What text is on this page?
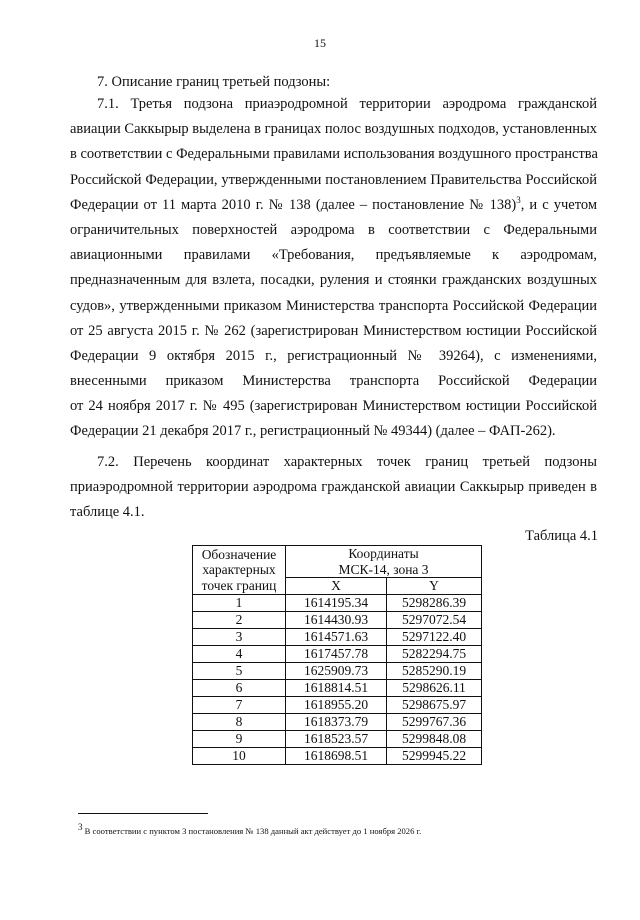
15
7. Описание границ третьей подзоны:
7.1. Третья подзона приаэродромной территории аэродрома гражданской
авиации Саккырыр выделена в границах полос воздушных подходов, установленных
в соответствии с Федеральными правилами использования воздушного пространства
Российской Федерации, утвержденными постановлением Правительства Российской
Федерации от 11 марта 2010 г. № 138 (далее – постановление № 138)$^3$, и с учетом
ограничительных поверхностей аэродрома в соответствии с Федеральными
авиационными правилами «Требования, предъявляемые к аэродромам,
предназначенным для взлета, посадки, руления и стоянки гражданских воздушных
судов», утвержденными приказом Министерства транспорта Российской Федерации
от 25 августа 2015 г. № 262 (зарегистрирован Министерством юстиции Российской
Федерации 9 октября 2015 г., регистрационный № 39264), с изменениями,
внесенными приказом Министерства транспорта Российской Федерации
от 24 ноября 2017 г. № 495 (зарегистрирован Министерством юстиции Российской
Федерации 21 декабря 2017 г., регистрационный № 49344) (далее – ФАП-262).
7.2. Перечень координат характерных точек границ третьей подзоны
приаэродромной территории аэродрома гражданской авиации Саккырыр приведен в
таблице 4.1.
Таблица 4.1
Обозначение
характерных
точек границ	Координаты
МСК-14, зона 3	

	X	Y
1	1614195.34	5298286.39
2	1614430.93	5297072.54
3	1614571.63	5297122.40
4	1617457.78	5282294.75
5	1625909.73	5285290.19
6	1618814.51	5298626.11
7	1618955.20	5298675.97
8	1618373.79	5299767.36
9	1618523.57	5299848.08
10	1618698.51	5299945.22
$^3$ В соответствии с пунктом 3 постановления № 138 данный акт действует до 1 ноября 2026 г.
